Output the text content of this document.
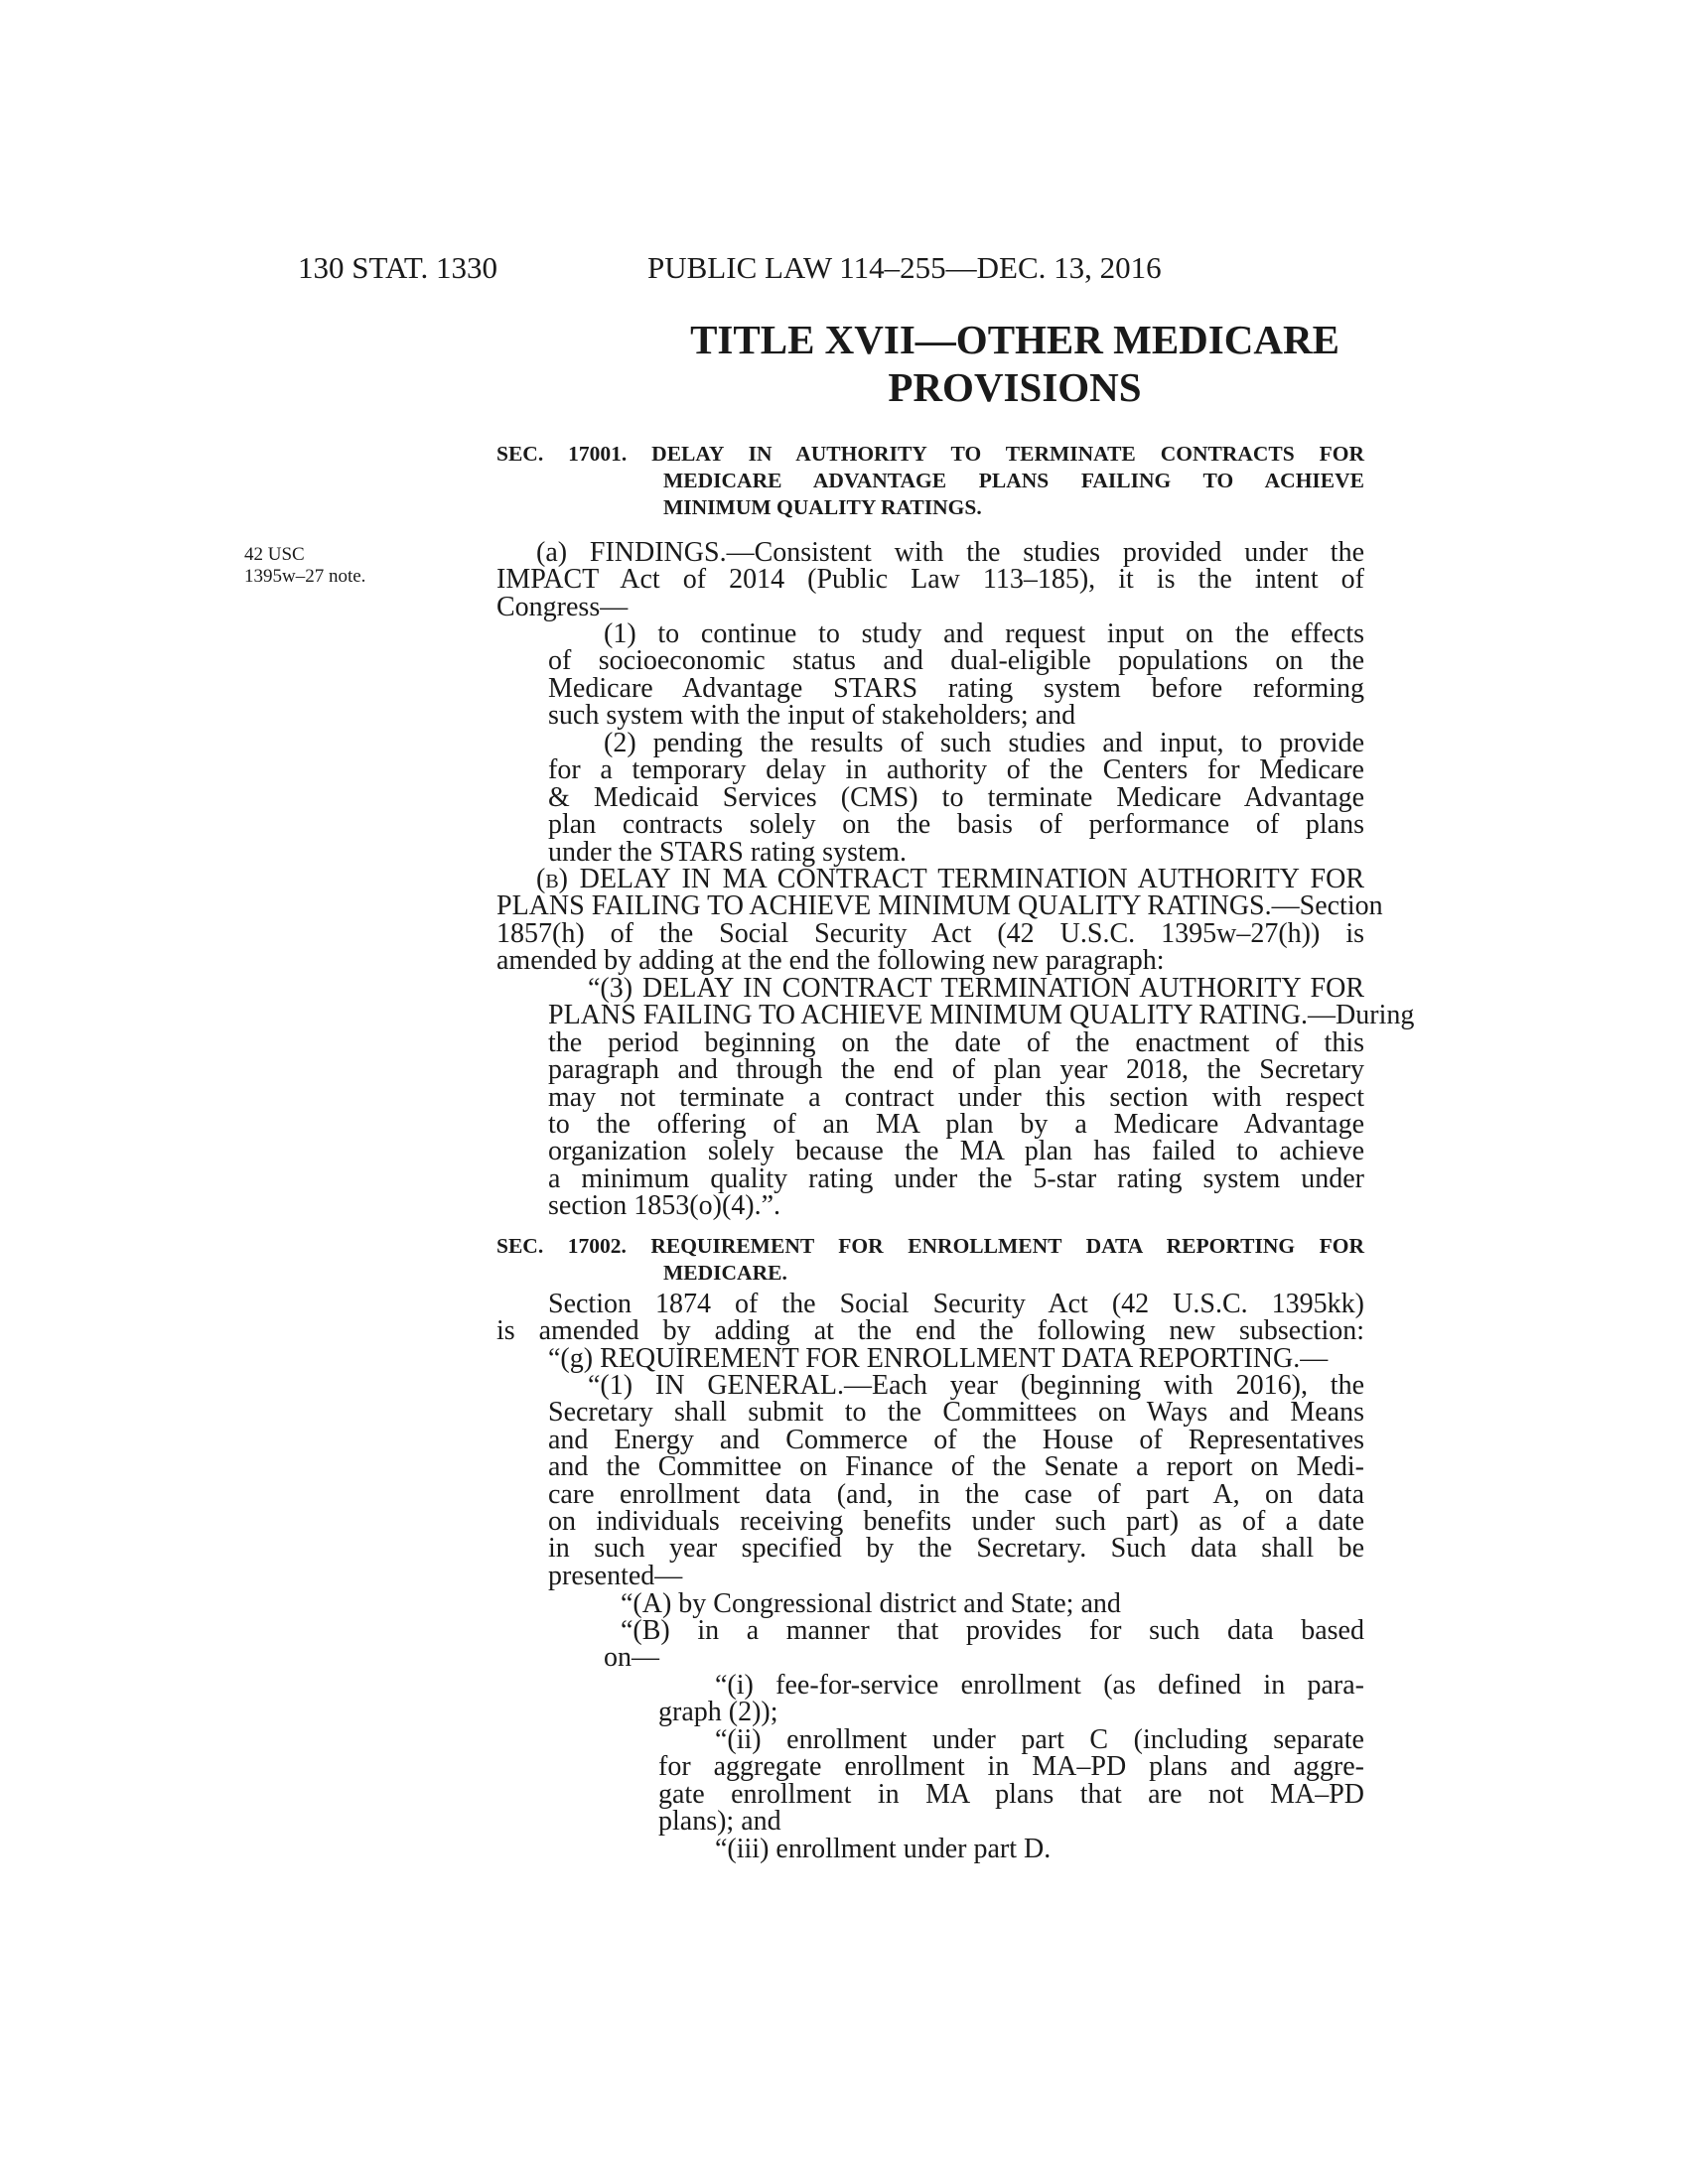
130 STAT. 1330	PUBLIC LAW 114–255—DEC. 13, 2016
TITLE XVII—OTHER MEDICARE
PROVISIONS
SEC. 17001. DELAY IN AUTHORITY TO TERMINATE CONTRACTS FOR
MEDICARE ADVANTAGE PLANS FAILING TO ACHIEVE
MINIMUM QUALITY RATINGS.
42 USC
1395w–27 note.
(a) FINDINGS.—Consistent with the studies provided under the
IMPACT Act of 2014 (Public Law 113–185), it is the intent of
Congress—
(1) to continue to study and request input on the effects
of socioeconomic status and dual-eligible populations on the
Medicare Advantage STARS rating system before reforming
such system with the input of stakeholders; and
(2) pending the results of such studies and input, to provide
for a temporary delay in authority of the Centers for Medicare
& Medicaid Services (CMS) to terminate Medicare Advantage
plan contracts solely on the basis of performance of plans
under the STARS rating system.
(b) DELAY IN MA CONTRACT TERMINATION AUTHORITY FOR
PLANS FAILING TO ACHIEVE MINIMUM QUALITY RATINGS.—Section
1857(h) of the Social Security Act (42 U.S.C. 1395w–27(h)) is
amended by adding at the end the following new paragraph:
“(3) DELAY IN CONTRACT TERMINATION AUTHORITY FOR
PLANS FAILING TO ACHIEVE MINIMUM QUALITY RATING.—During
the period beginning on the date of the enactment of this
paragraph and through the end of plan year 2018, the Secretary
may not terminate a contract under this section with respect
to the offering of an MA plan by a Medicare Advantage
organization solely because the MA plan has failed to achieve
a minimum quality rating under the 5-star rating system under
section 1853(o)(4).”.
SEC. 17002. REQUIREMENT FOR ENROLLMENT DATA REPORTING FOR
MEDICARE.
Section 1874 of the Social Security Act (42 U.S.C. 1395kk)
is amended by adding at the end the following new subsection:
“(g) REQUIREMENT FOR ENROLLMENT DATA REPORTING.—
“(1) IN GENERAL.—Each year (beginning with 2016), the
Secretary shall submit to the Committees on Ways and Means
and Energy and Commerce of the House of Representatives
and the Committee on Finance of the Senate a report on Medi-
care enrollment data (and, in the case of part A, on data
on individuals receiving benefits under such part) as of a date
in such year specified by the Secretary. Such data shall be
presented—
“(A) by Congressional district and State; and
“(B) in a manner that provides for such data based
on—
“(i) fee-for-service enrollment (as defined in para-
graph (2));
“(ii) enrollment under part C (including separate
for aggregate enrollment in MA–PD plans and aggre-
gate enrollment in MA plans that are not MA–PD
plans); and
“(iii) enrollment under part D.
